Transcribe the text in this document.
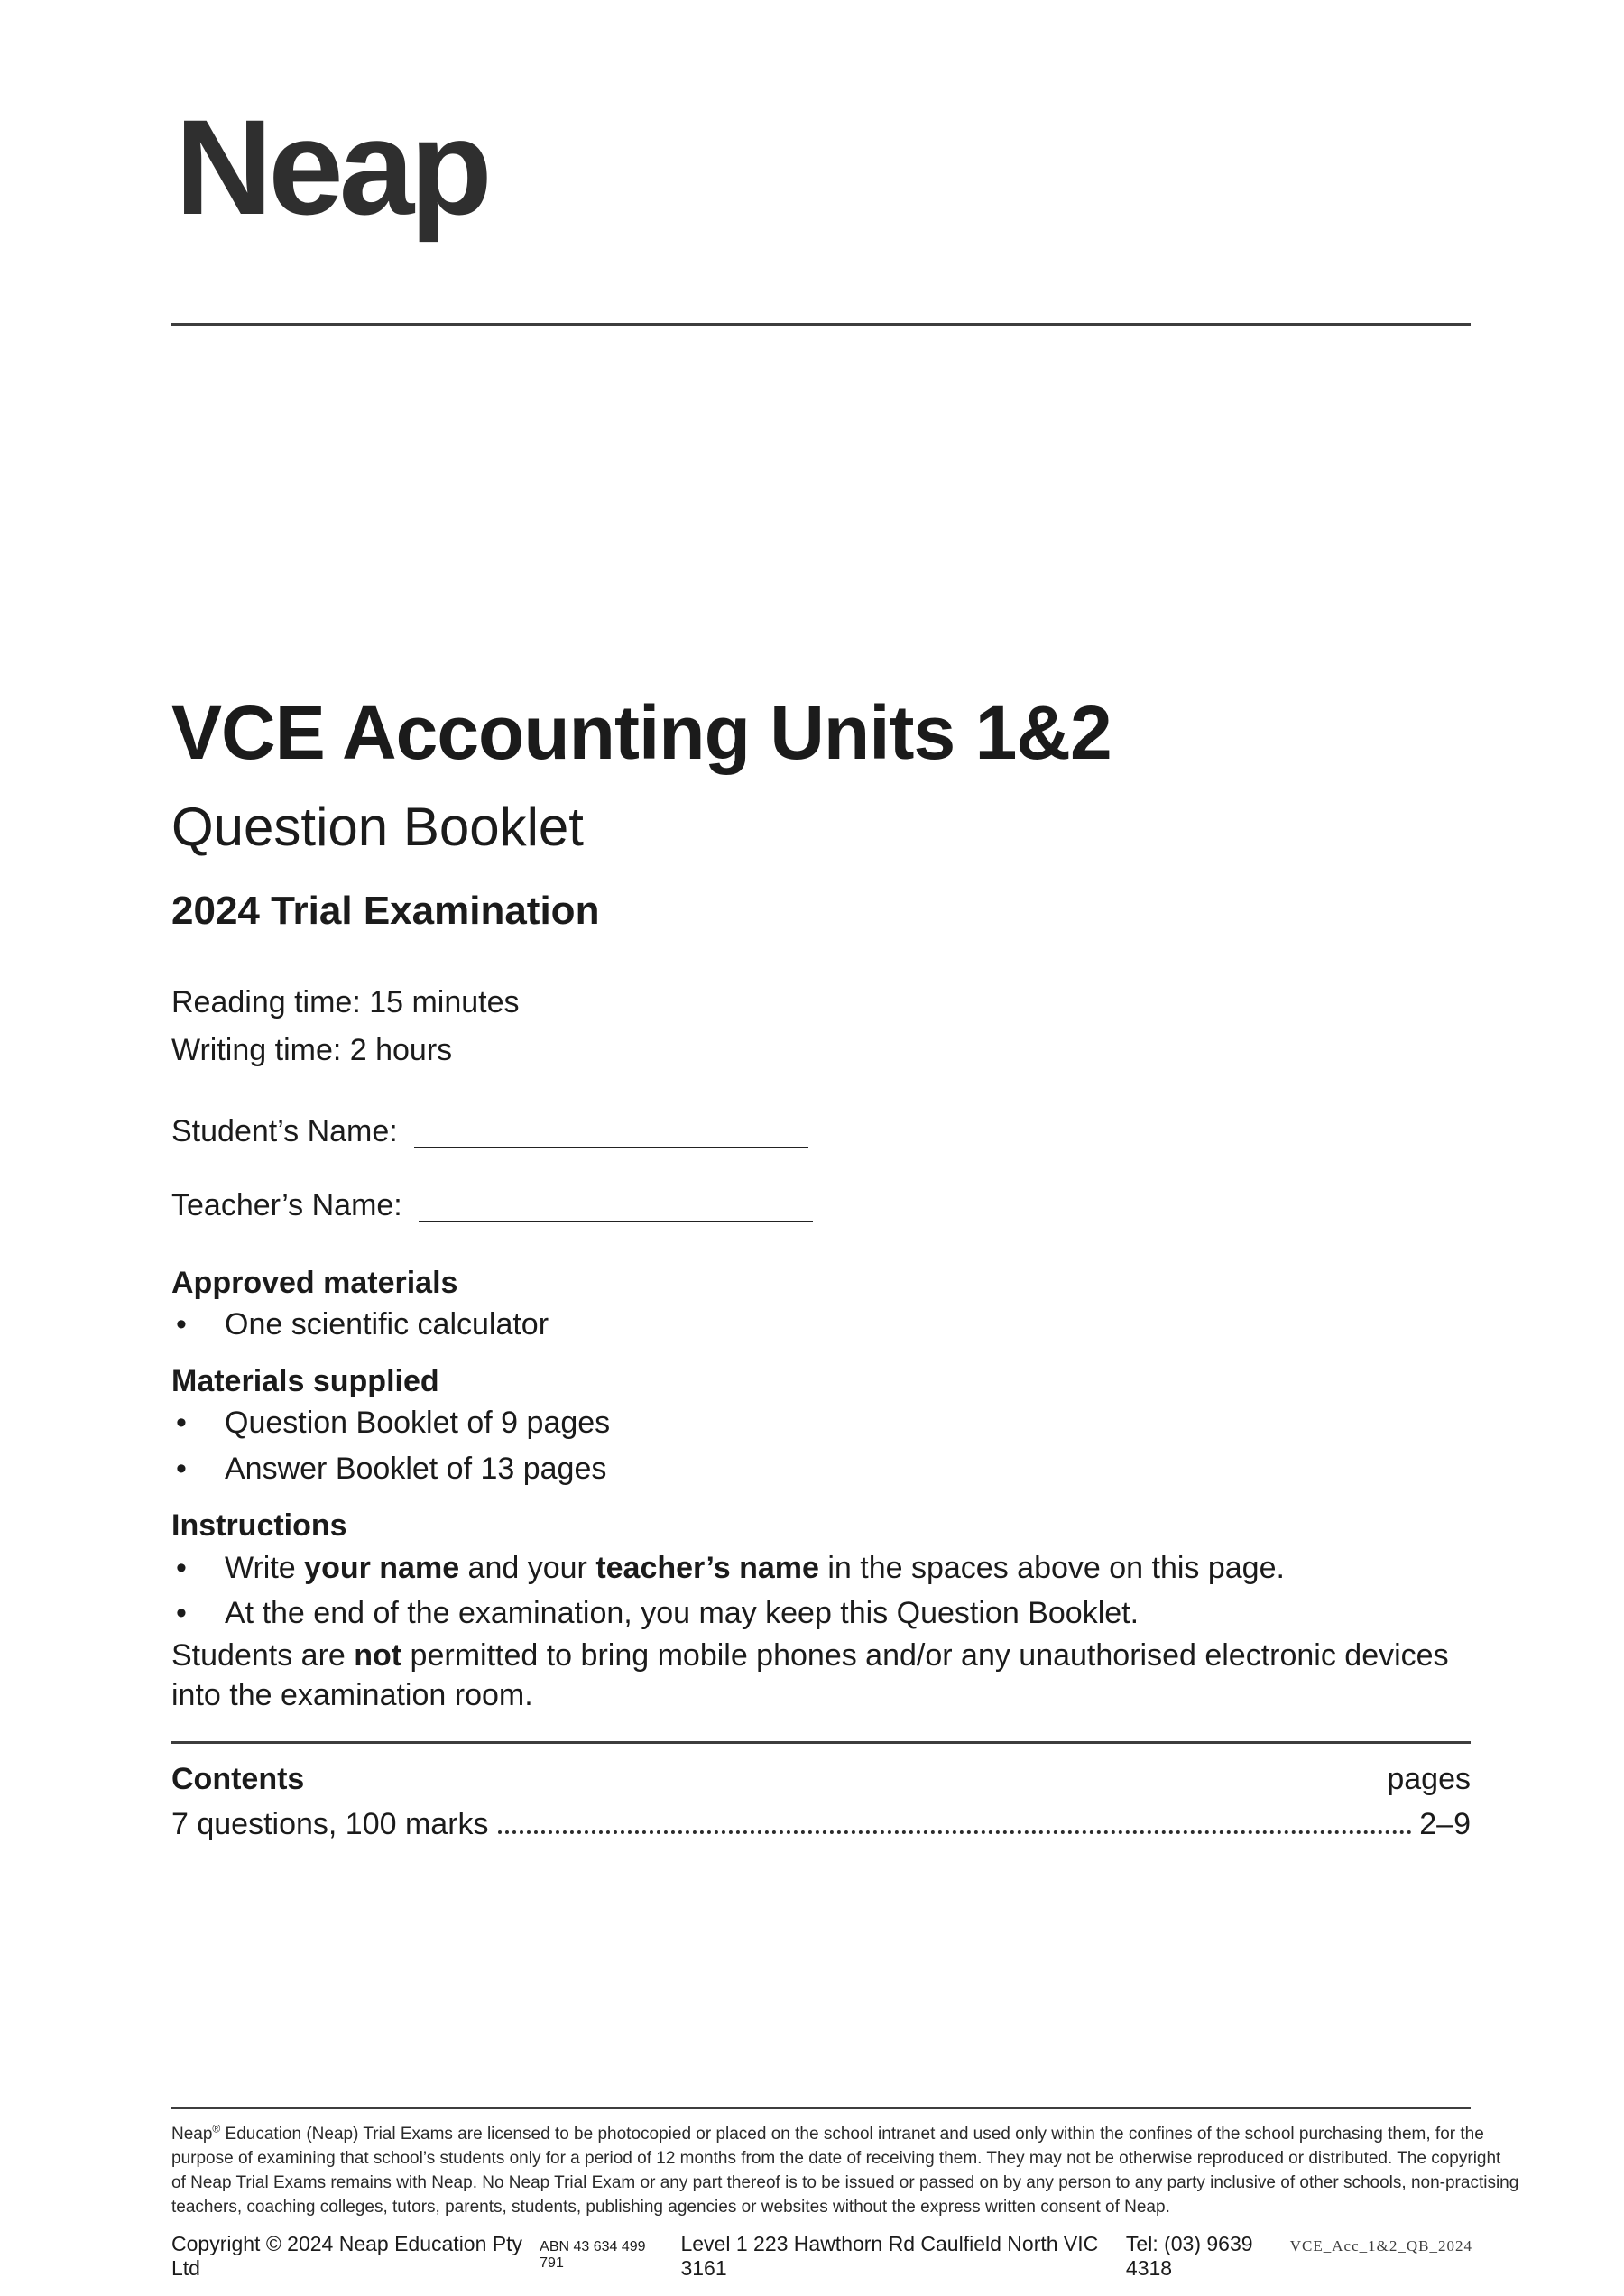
Neap
VCE Accounting Units 1&2
Question Booklet
2024 Trial Examination
Reading time: 15 minutes
Writing time: 2 hours
Student’s Name:
Teacher’s Name:
Approved materials
•	One scientific calculator
Materials supplied
•	Question Booklet of 9 pages
•	Answer Booklet of 13 pages
Instructions
•	Write your name and your teacher’s name in the spaces above on this page.
•	At the end of the examination, you may keep this Question Booklet.

Students are not permitted to bring mobile phones and/or any unauthorised electronic devices into the examination room.

Contents	pages
7 questions, 100 marks	2–9
Neap® Education (Neap) Trial Exams are licensed to be photocopied or placed on the school intranet and used only within the confines of the school purchasing them, for the
purpose of examining that school’s students only for a period of 12 months from the date of receiving them. They may not be otherwise reproduced or distributed. The copyright
of Neap Trial Exams remains with Neap. No Neap Trial Exam or any part thereof is to be issued or passed on by any person to any party inclusive of other schools, non-practising
teachers, coaching colleges, tutors, parents, students, publishing agencies or websites without the express written consent of Neap.
Copyright © 2024 Neap Education Pty Ltd
ABN 43 634 499 791
Level 1 223 Hawthorn Rd Caulfield North VIC 3161
Tel: (03) 9639 4318
VCE_Acc_1&2_QB_2024
